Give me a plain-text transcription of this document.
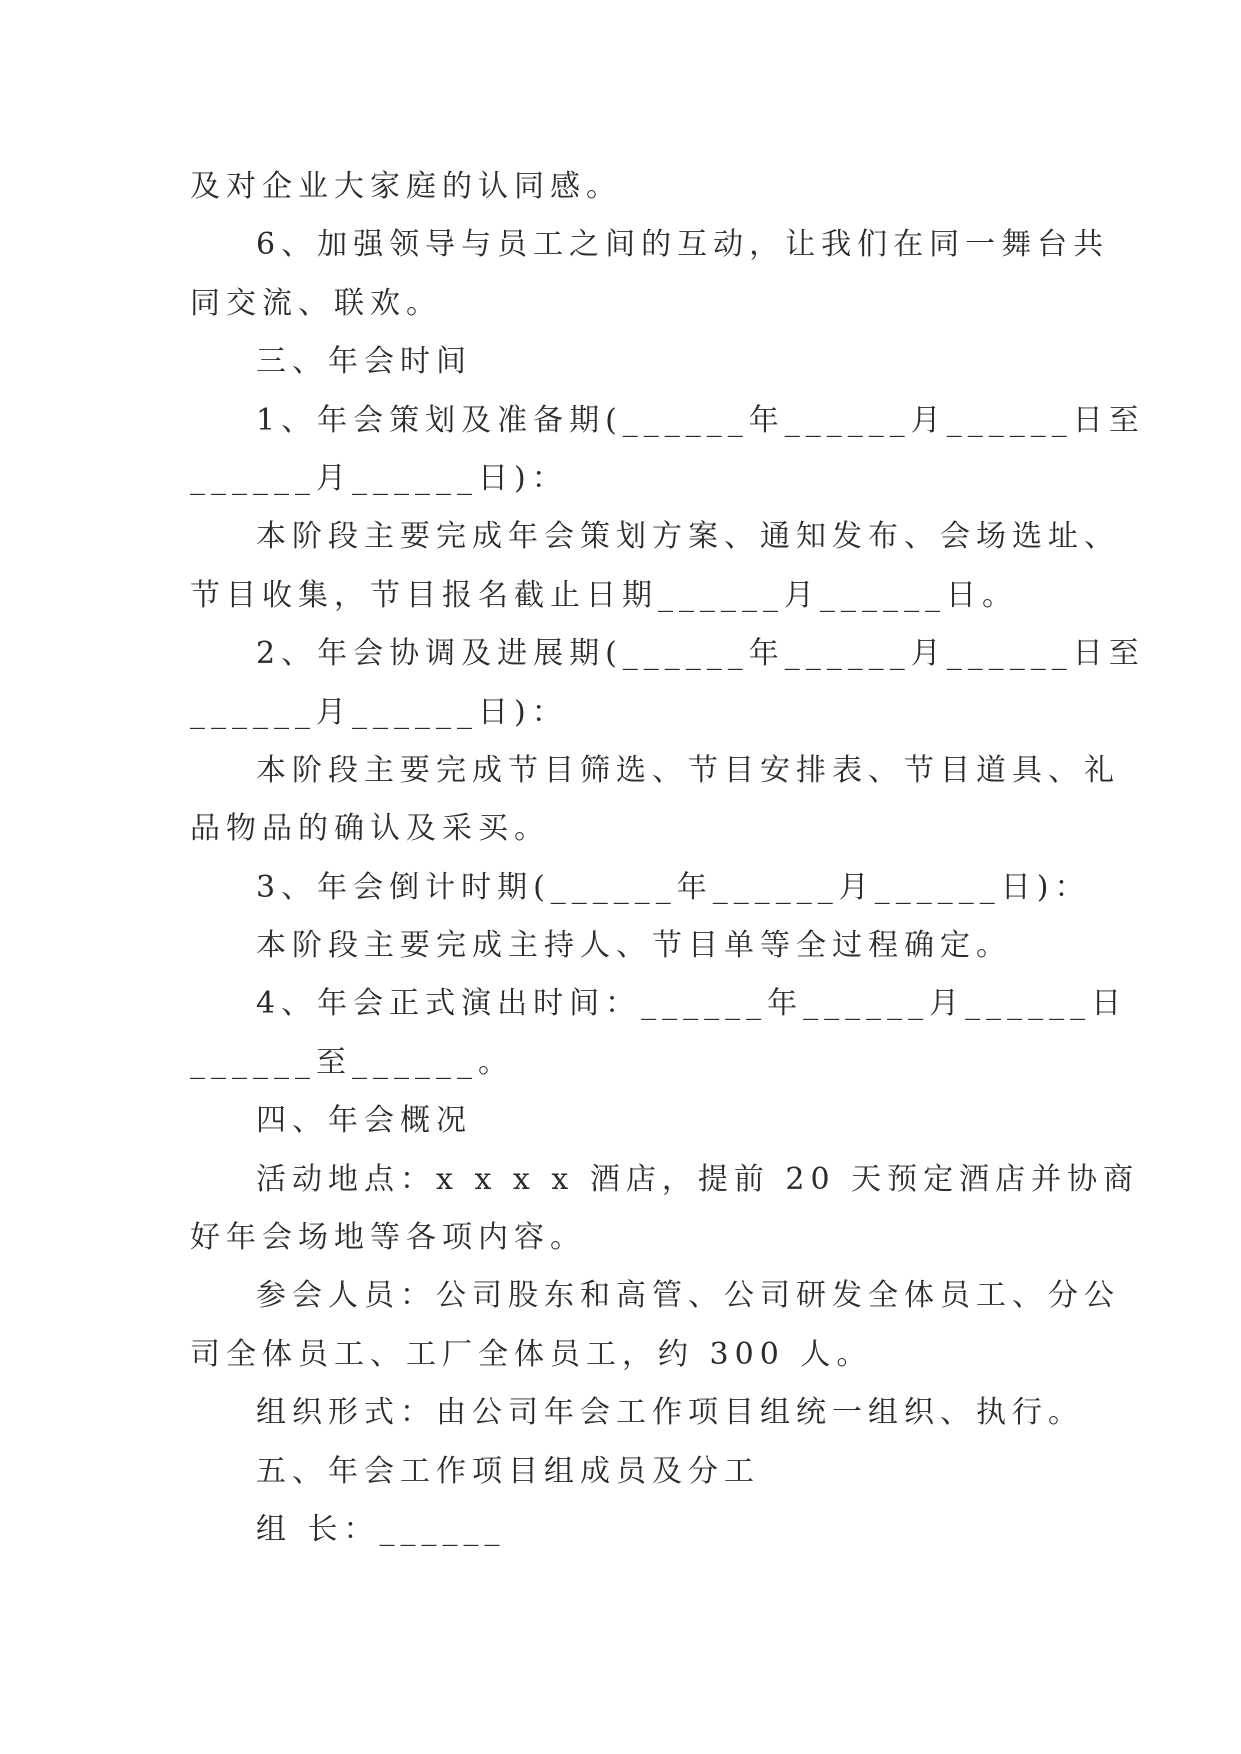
及对企业大家庭的认同感。

6、加强领导与员工之间的互动，让我们在同一舞台共

同交流、联欢。

三、年会时间

1、年会策划及准备期(______年______月______日至

______月______日)：

本阶段主要完成年会策划方案、通知发布、会场选址、

节目收集，节目报名截止日期______月______日。

2、年会协调及进展期(______年______月______日至

______月______日)：

本阶段主要完成节目筛选、节目安排表、节目道具、礼

品物品的确认及采买。

3、年会倒计时期(______年______月______日)：

本阶段主要完成主持人、节目单等全过程确定。

4、年会正式演出时间：______年______月______日

______至______。

四、年会概况

活动地点：x x x x 酒店，提前 20 天预定酒店并协商

好年会场地等各项内容。

参会人员：公司股东和高管、公司研发全体员工、分公

司全体员工、工厂全体员工，约 300 人。

组织形式：由公司年会工作项目组统一组织、执行。

五、年会工作项目组成员及分工

组 长：______
